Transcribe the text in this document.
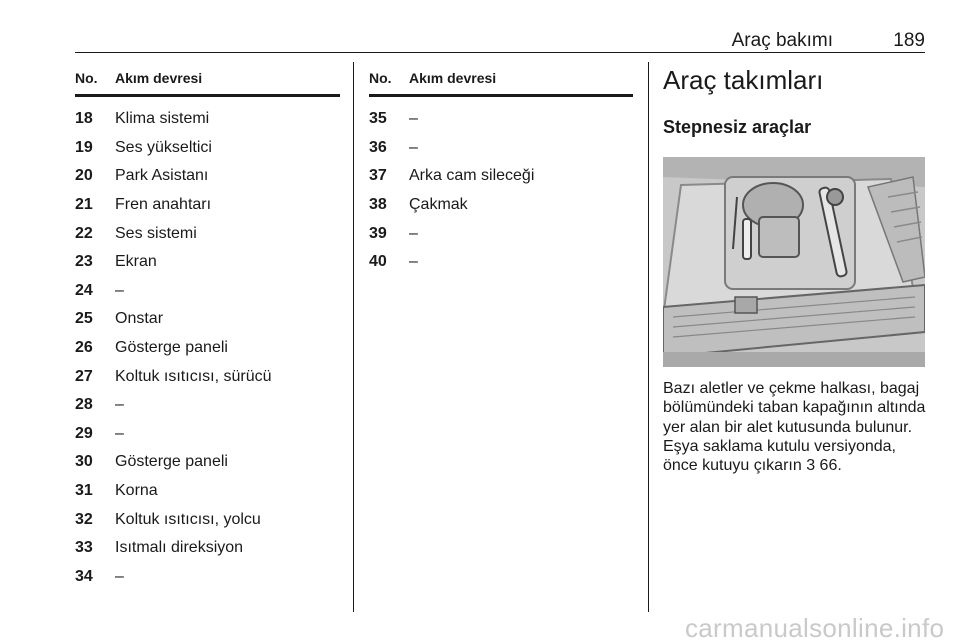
Araç bakımı	189
No.	Akım devresi
18	Klima sistemi
19	Ses yükseltici
20	Park Asistanı
21	Fren anahtarı
22	Ses sistemi
23	Ekran
24	–
25	Onstar
26	Gösterge paneli
27	Koltuk ısıtıcısı, sürücü
28	–
29	–
30	Gösterge paneli
31	Korna
32	Koltuk ısıtıcısı, yolcu
33	Isıtmalı direksiyon
34	–
No.	Akım devresi
35	–
36	–
37	Arka cam sileceği
38	Çakmak
39	–
40	–
Araç takımları
Stepnesiz araçlar
Bazı aletler ve çekme halkası, bagaj
bölümündeki taban kapağının altında
yer alan bir alet kutusunda bulunur.
Eşya saklama kutulu versiyonda,
önce kutuyu çıkarın 3 66.
carmanualsonline.info
